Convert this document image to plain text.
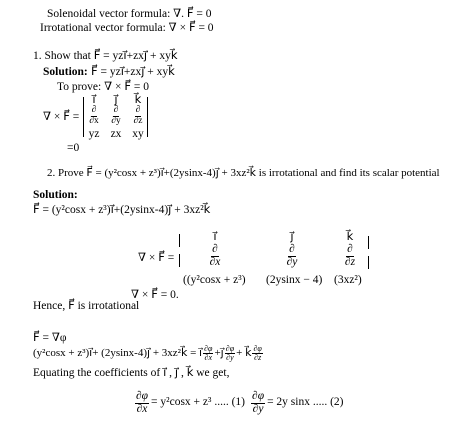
Solenoidal vector formula: ∇. F⃗ = 0
Irrotational vector formula: ∇ × F⃗ = 0
1. Show that F⃗ = yzi⃗+zxj⃗ + xyk⃗
Solution: F⃗ = yzi⃗+zxj⃗ + xyk⃗
To prove: ∇ × F⃗ = 0
∇ × F⃗ =
i⃗	j⃗	k⃗
$\frac{\partial}{\partial x} \frac{\partial}{\partial y} \frac{\partial}{\partial z}$
yz zx xy
=0
2. Prove F⃗ = (y²cosx + z³)i⃗+(2ysinx-4)j⃗ + 3xz²k⃗ is irrotational and find its scalar potential
Solution:
F⃗ = (y²cosx + z³)i⃗+(2ysinx-4)j⃗ + 3xz²k⃗
∇ × F⃗ =
i⃗	j⃗	k⃗
$\frac{\partial}{\partial x}$	$\frac{\partial}{\partial y}$	$\frac{\partial}{\partial z}$
((y²cosx + z³) (2ysinx − 4) (3xz²)
∇ × F⃗ = 0.
Hence, F⃗ is irrotational
F⃗ = ∇φ
(y²cosx + z³)i⃗+ (2ysinx-4)j⃗ + 3xz²k⃗ = i⃗ $\frac{\partial\varphi}{\partial x}$ +j⃗ $\frac{\partial\varphi}{\partial y}$ + k⃗ $\frac{\partial\varphi}{\partial z}$
Equating the coefficients of i⃗ , j⃗ , k⃗ we get,
$\frac{\partial\varphi}{\partial x} = y^2\cos x + z^3$ ..... $(1) \frac{\partial\varphi}{\partial y} = 2y$ sinx ..... (2)
